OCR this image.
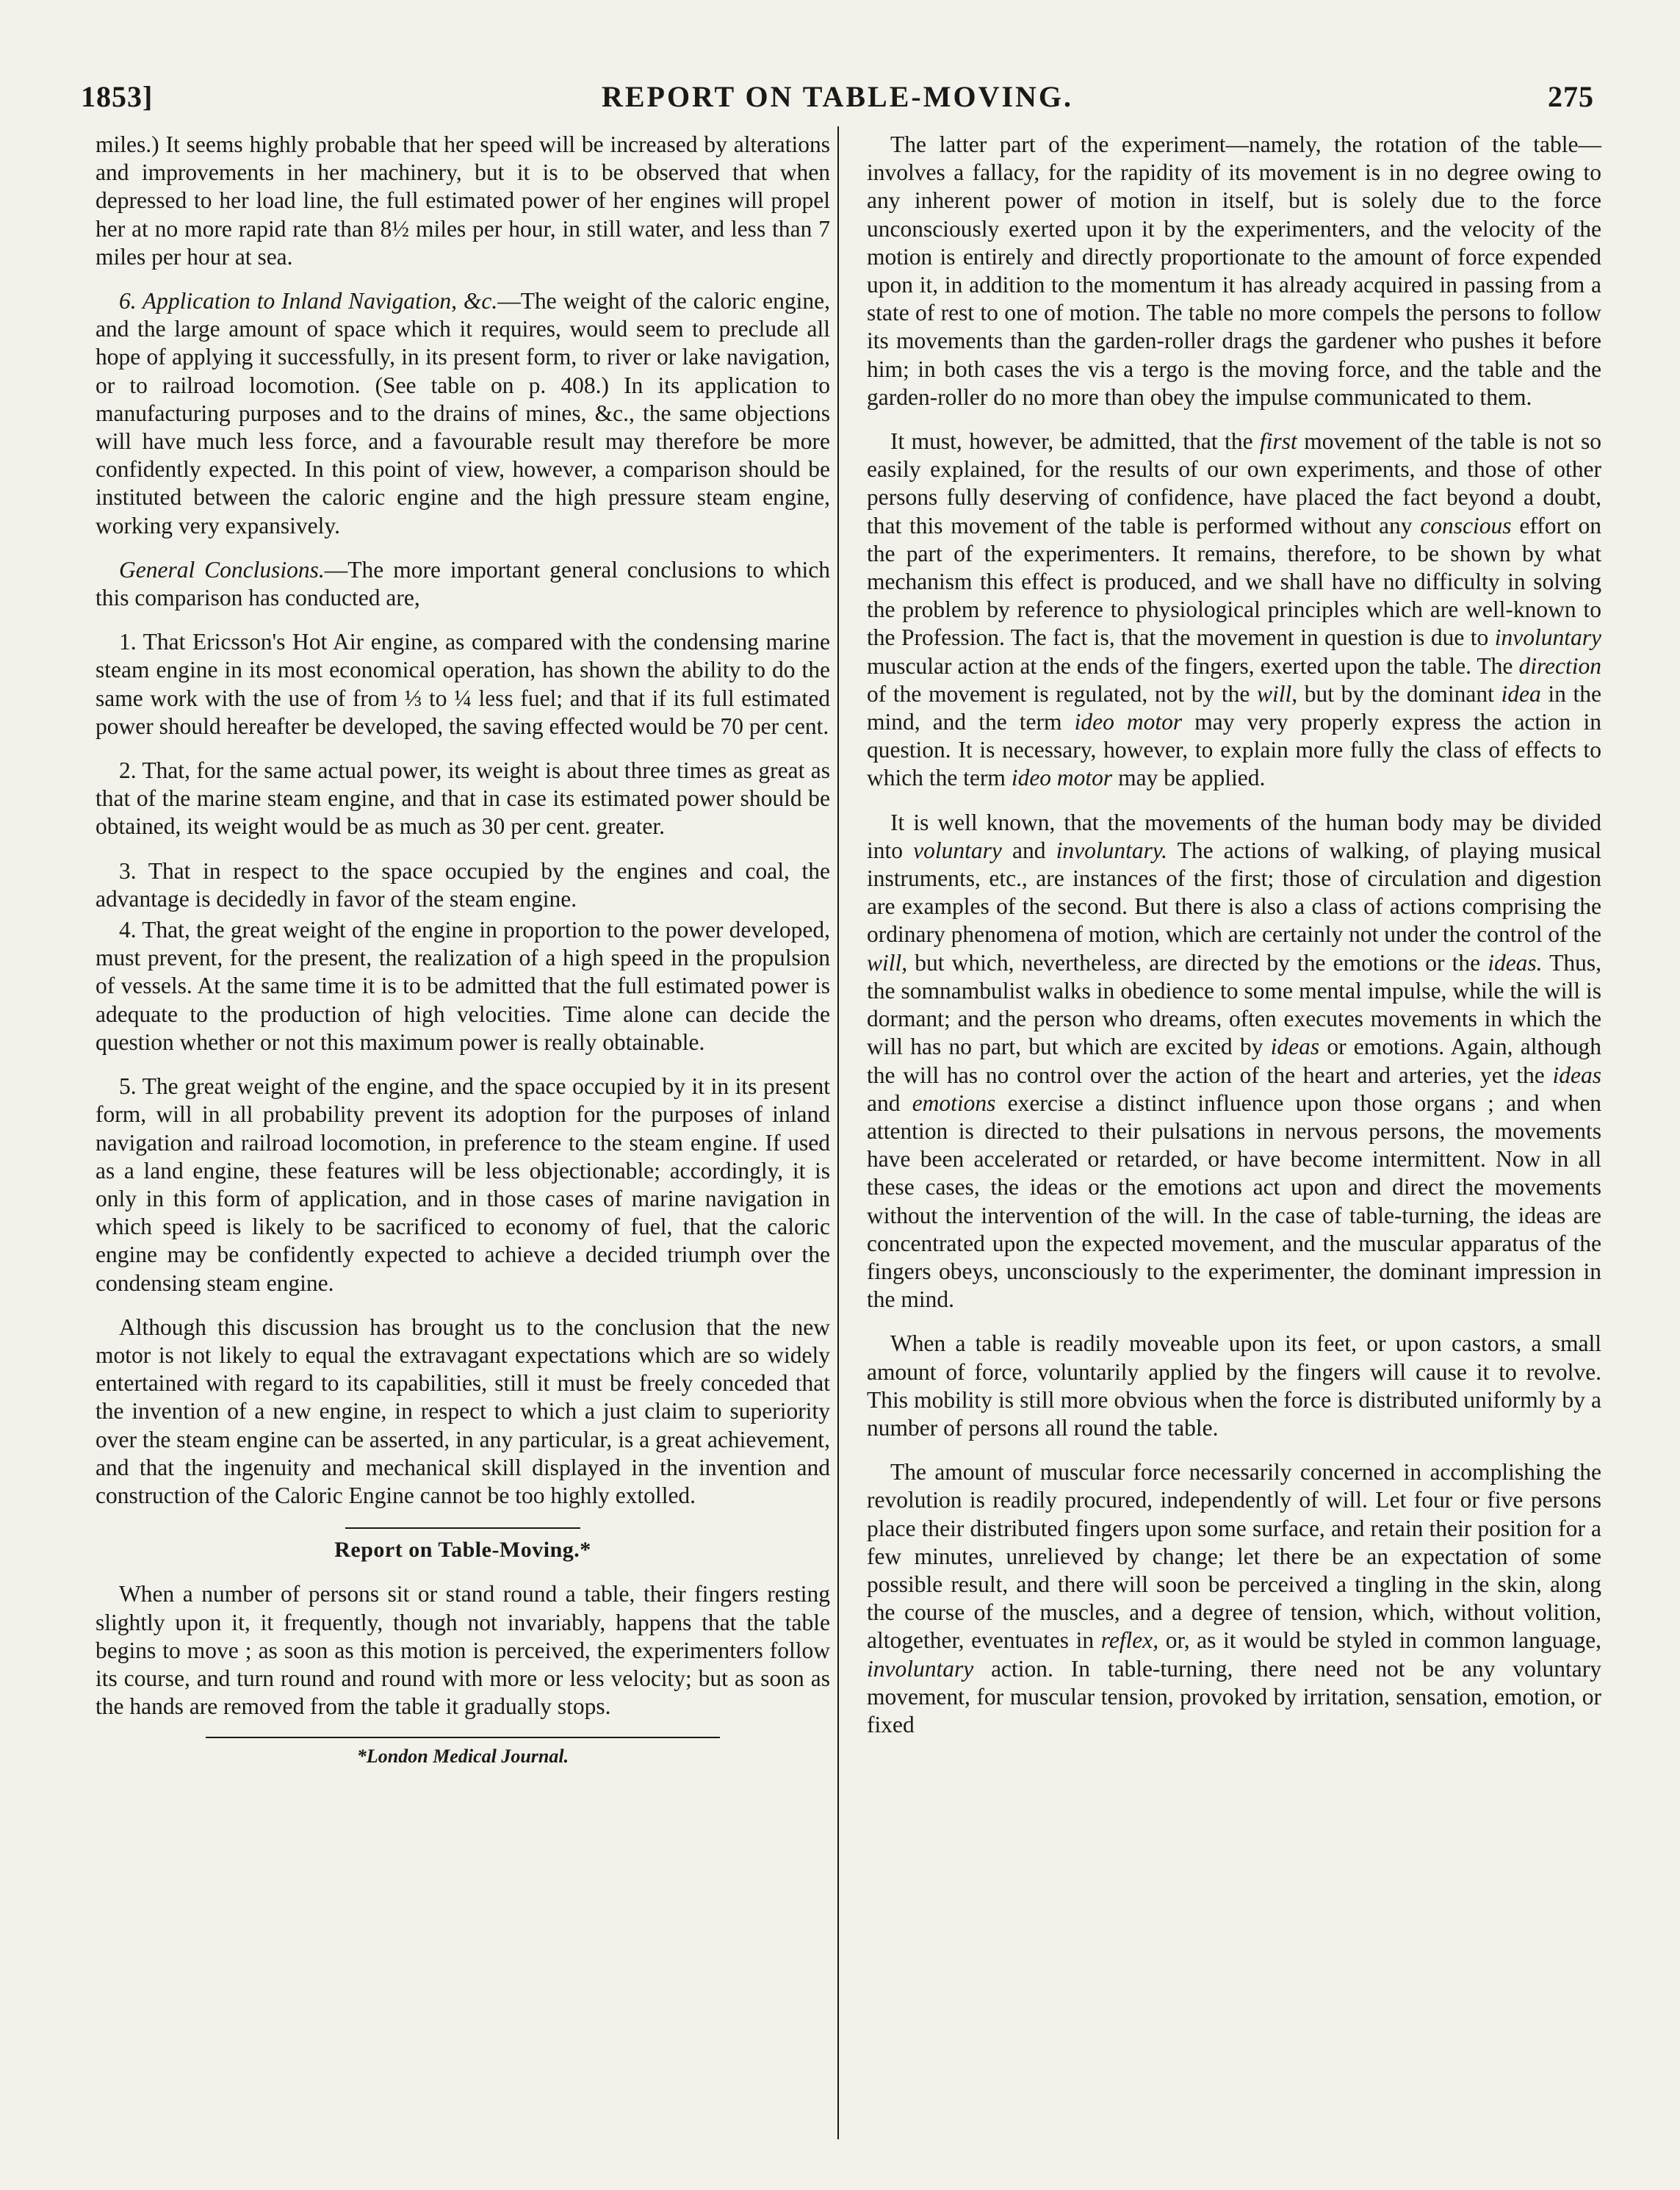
1853]	REPORT ON TABLE-MOVING.	275

miles.) It seems highly probable that her speed will be increased by alterations and improvements in her machinery, but it is to be observed that when depressed to her load line, the full estimated power of her engines will propel her at no more rapid rate than 8½ miles per hour, in still water, and less than 7 miles per hour at sea.

6. Application to Inland Navigation, &c.—The weight of the caloric engine, and the large amount of space which it requires, would seem to preclude all hope of applying it successfully, in its present form, to river or lake navigation, or to railroad locomotion. (See table on p. 408.) In its application to manufacturing purposes and to the drains of mines, &c., the same objections will have much less force, and a favourable result may therefore be more confidently expected. In this point of view, however, a comparison should be instituted between the caloric engine and the high pressure steam engine, working very expansively.

General Conclusions.—The more important general conclusions to which this comparison has conducted are,

1. That Ericsson's Hot Air engine, as compared with the condensing marine steam engine in its most economical operation, has shown the ability to do the same work with the use of from ⅓ to ¼ less fuel; and that if its full estimated power should hereafter be developed, the saving effected would be 70 per cent.

2. That, for the same actual power, its weight is about three times as great as that of the marine steam engine, and that in case its estimated power should be obtained, its weight would be as much as 30 per cent. greater.

3. That in respect to the space occupied by the engines and coal, the advantage is decidedly in favor of the steam engine.

4. That, the great weight of the engine in proportion to the power developed, must prevent, for the present, the realization of a high speed in the propulsion of vessels. At the same time it is to be admitted that the full estimated power is adequate to the production of high velocities. Time alone can decide the question whether or not this maximum power is really obtainable.

5. The great weight of the engine, and the space occupied by it in its present form, will in all probability prevent its adoption for the purposes of inland navigation and railroad locomotion, in preference to the steam engine. If used as a land engine, these features will be less objectionable; accordingly, it is only in this form of application, and in those cases of marine navigation in which speed is likely to be sacrificed to economy of fuel, that the caloric engine may be confidently expected to achieve a decided triumph over the condensing steam engine.

Although this discussion has brought us to the conclusion that the new motor is not likely to equal the extravagant expectations which are so widely entertained with regard to its capabilities, still it must be freely conceded that the invention of a new engine, in respect to which a just claim to superiority over the steam engine can be asserted, in any particular, is a great achievement, and that the ingenuity and mechanical skill displayed in the invention and construction of the Caloric Engine cannot be too highly extolled.

Report on Table-Moving.*

When a number of persons sit or stand round a table, their fingers resting slightly upon it, it frequently, though not invariably, happens that the table begins to move ; as soon as this motion is perceived, the experimenters follow its course, and turn round and round with more or less velocity; but as soon as the hands are removed from the table it gradually stops.

*London Medical Journal.

The latter part of the experiment—namely, the rotation of the table—involves a fallacy, for the rapidity of its movement is in no degree owing to any inherent power of motion in itself, but is solely due to the force unconsciously exerted upon it by the experimenters, and the velocity of the motion is entirely and directly proportionate to the amount of force expended upon it, in addition to the momentum it has already acquired in passing from a state of rest to one of motion. The table no more compels the persons to follow its movements than the garden-roller drags the gardener who pushes it before him; in both cases the vis a tergo is the moving force, and the table and the garden-roller do no more than obey the impulse communicated to them.

It must, however, be admitted, that the first movement of the table is not so easily explained, for the results of our own experiments, and those of other persons fully deserving of confidence, have placed the fact beyond a doubt, that this movement of the table is performed without any conscious effort on the part of the experimenters. It remains, therefore, to be shown by what mechanism this effect is produced, and we shall have no difficulty in solving the problem by reference to physiological principles which are well-known to the Profession. The fact is, that the movement in question is due to involuntary muscular action at the ends of the fingers, exerted upon the table. The direction of the movement is regulated, not by the will, but by the dominant idea in the mind, and the term ideo motor may very properly express the action in question. It is necessary, however, to explain more fully the class of effects to which the term ideo motor may be applied.

It is well known, that the movements of the human body may be divided into voluntary and involuntary. The actions of walking, of playing musical instruments, etc., are instances of the first; those of circulation and digestion are examples of the second. But there is also a class of actions comprising the ordinary phenomena of motion, which are certainly not under the control of the will, but which, nevertheless, are directed by the emotions or the ideas. Thus, the somnambulist walks in obedience to some mental impulse, while the will is dormant; and the person who dreams, often executes movements in which the will has no part, but which are excited by ideas or emotions. Again, although the will has no control over the action of the heart and arteries, yet the ideas and emotions exercise a distinct influence upon those organs ; and when attention is directed to their pulsations in nervous persons, the movements have been accelerated or retarded, or have become intermittent. Now in all these cases, the ideas or the emotions act upon and direct the movements without the intervention of the will. In the case of table-turning, the ideas are concentrated upon the expected movement, and the muscular apparatus of the fingers obeys, unconsciously to the experimenter, the dominant impression in the mind.

When a table is readily moveable upon its feet, or upon castors, a small amount of force, voluntarily applied by the fingers will cause it to revolve. This mobility is still more obvious when the force is distributed uniformly by a number of persons all round the table.

The amount of muscular force necessarily concerned in accomplishing the revolution is readily procured, independently of will. Let four or five persons place their distributed fingers upon some surface, and retain their position for a few minutes, unrelieved by change; let there be an expectation of some possible result, and there will soon be perceived a tingling in the skin, along the course of the muscles, and a degree of tension, which, without volition, altogether, eventuates in reflex, or, as it would be styled in common language, involuntary action. In table-turning, there need not be any voluntary movement, for muscular tension, provoked by irritation, sensation, emotion, or fixed
